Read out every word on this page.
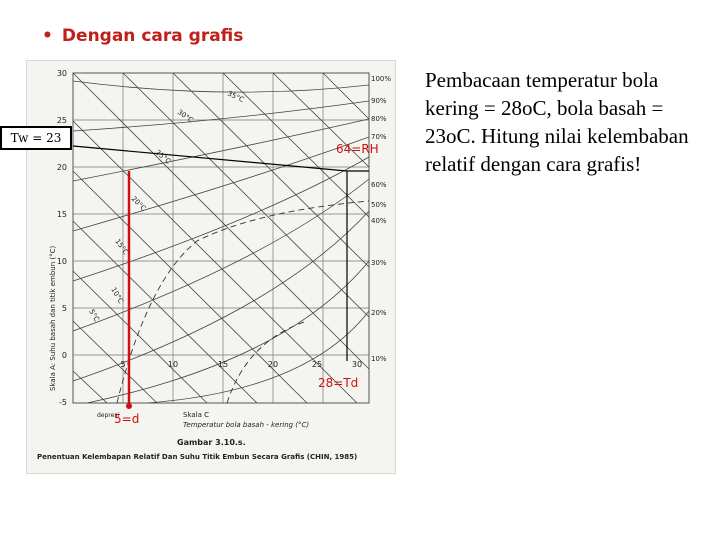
• Dengan cara grafis
30
25
20
15
10
5
0
-5
5	10	15	20	25	30
100%
90%
80%
70%
60%
50%
40%
30%
20%
10%
35°C
30°C
25°C
20°C
15°C
10°C
5°C
Skala A: Suhu basah dan titik embun (°C)
Skala C
Temperatur bola basah - kering (°C)
depresi
Gambar 3.10.s.
Penentuan Kelembapan Relatif Dan Suhu Titik Embun Secara Grafis (CHIN, 1985)
Tw = 23
64=RH
28=Td
5=d
Pembacaan temperatur bola kering = 28oC, bola basah = 23oC. Hitung nilai kelembaban relatif dengan cara grafis!
